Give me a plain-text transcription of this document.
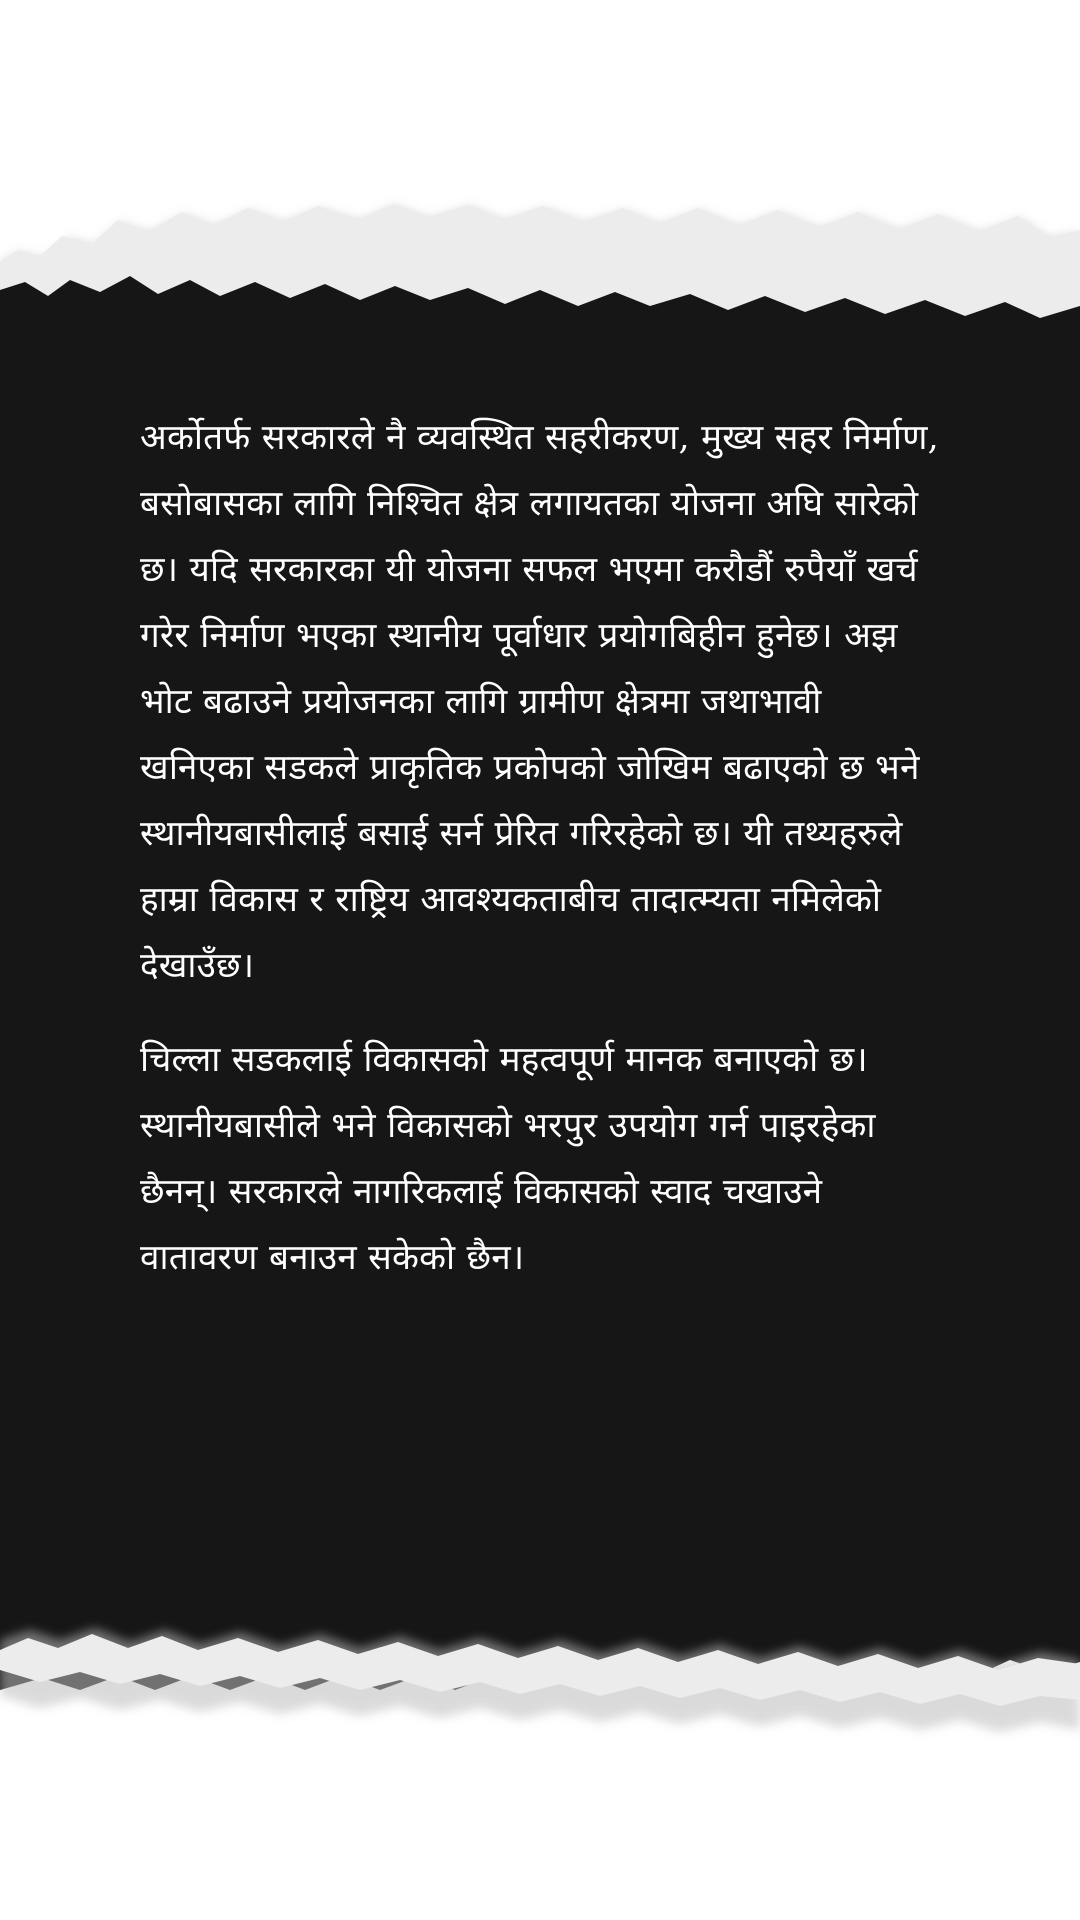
अर्कोतर्फ सरकारले नै व्यवस्थित सहरीकरण, मुख्य सहर निर्माण, बसोबासका लागि निश्चित क्षेत्र लगायतका योजना अघि सारेको छ। यदि सरकारका यी योजना सफल भएमा करौडौं रुपैयाँ खर्च गरेर निर्माण भएका स्थानीय पूर्वाधार प्रयोगबिहीन हुनेछ। अझ भोट बढाउने प्रयोजनका लागि ग्रामीण क्षेत्रमा जथाभावी खनिएका सडकले प्राकृतिक प्रकोपको जोखिम बढाएको छ भने स्थानीयबासीलाई बसाई सर्न प्रेरित गरिरहेको छ। यी तथ्यहरुले हाम्रा विकास र राष्ट्रिय आवश्यकताबीच तादात्म्यता नमिलेको देखाउँछ।

चिल्ला सडकलाई विकासको महत्वपूर्ण मानक बनाएको छ। स्थानीयबासीले भने विकासको भरपुर उपयोग गर्न पाइरहेका छैनन्। सरकारले नागरिकलाई विकासको स्वाद चखाउने वातावरण बनाउन सकेको छैन।
